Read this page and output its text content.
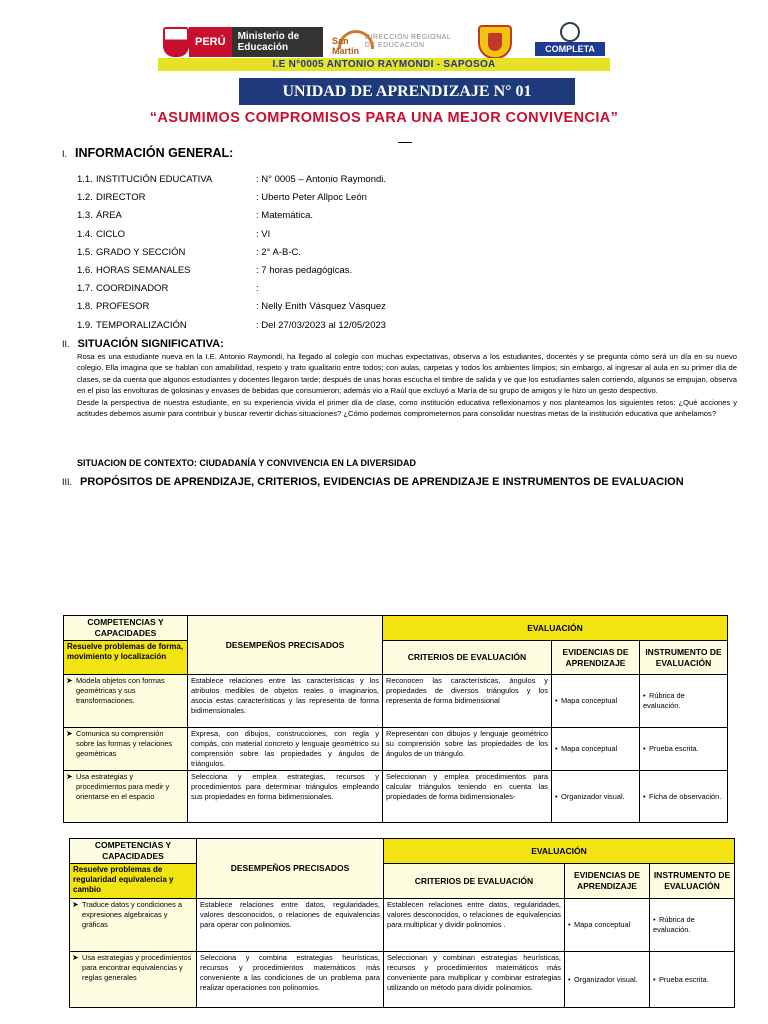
PERÚ	Ministerio de Educación
San Martín
DIRECCIÓN REGIONAL DE EDUCACIÓN	COMPLETA
I.E N°0005 ANTONIO RAYMONDI - SAPOSOA
UNIDAD DE APRENDIZAJE N° 01
“ASUMIMOS COMPROMISOS PARA UNA MEJOR CONVIVENCIA”
I. INFORMACIÓN GENERAL:
1.1. INSTITUCIÓN EDUCATIVA	: N° 0005 – Antonio Raymondi.
1.2. DIRECTOR	: Uberto Peter Allpoc León
1.3. ÁREA	: Matemática.
1.4. CICLO	: VI
1.5. GRADO Y SECCIÓN	: 2° A-B-C.
1.6. HORAS SEMANALES	: 7 horas pedagógicas.
1.7. COORDINADOR	:
1.8. PROFESOR	: Nelly Enith Vásquez Vásquez
1.9. TEMPORALIZACIÓN	: Del 27/03/2023 al 12/05/2023
II. SITUACIÓN SIGNIFICATIVA:

Rosa es una estudiante nueva en la I.E. Antonio Raymondi, ha llegado al colegio con muchas expectativas, observa a los estudiantes, docentes y se pregunta cómo será un día en su nuevo colegio. Ella imagina que se hablan con amabilidad, respeto y trato igualitario entre todos; con aulas, carpetas y todos los ambientes limpios; sin embargo, al ingresar al aula en su primer día de clases, se da cuenta que algunos estudiantes y docentes llegaron tarde; después de unas horas escucha el timbre de salida y ve que los estudiantes salen corriendo, algunos se empujan, observa en el piso las envolturas de golosinas y envases de bebidas que consumieron; además vio a Raúl que excluyó a María de su grupo de amigos y le hizo un gesto despectivo.

Desde la perspectiva de nuestra estudiante, en su experiencia vivida el primer día de clase, como institución educativa reflexionamos y nos planteamos los siguientes retos: ¿Qué acciones y actitudes debemos asumir para contribuir y buscar revertir dichas situaciones? ¿Cómo podemos comprometernos para consolidar nuestras metas de la institución educativa que anhelamos?

SITUACION DE CONTEXTO: CIUDADANÍA Y CONVIVENCIA EN LA DIVERSIDAD
III. PROPÓSITOS DE APRENDIZAJE, CRITERIOS, EVIDENCIAS DE APRENDIZAJE E INSTRUMENTOS DE EVALUACION
COMPETENCIAS Y CAPACIDADES	DESEMPEÑOS PRECISADOS	EVALUACIÓN		
Resuelve problemas de forma, movimiento y localización		CRITERIOS DE EVALUACIÓN	EVIDENCIAS DE APRENDIZAJE	INSTRUMENTO DE EVALUACIÓN

➤ Modela objetos con formas geométricas y sus transformaciones.	Establece relaciones entre las características y los atributos medibles de objetos reales o imaginarios, asocia estas características y las representa de forma bidimensionales.	Reconocen las características, ángulos y propiedades de diversos triángulos y los representa de forma bidimensional	• Mapa conceptual	• Rúbrica de evaluación.

➤ Comunica su comprensión sobre las formas y relaciones geométricas	Expresa, con dibujos, construcciones, con regla y compás, con material concreto y lenguaje geométrico su comprensión sobre las propiedades y ángulos de triángulos.	Representan con dibujos y lenguaje geométrico su comprensión sobre las propiedades de los ángulos de un triángulo.	• Mapa conceptual	• Prueba escrita.

➤ Usa estrategias y procedimientos para medir y orientarse en el espacio	Selecciona y emplea estrategias, recursos y procedimientos para determinar triángulos empleando sus propiedades en forma bidimensionales.	Seleccionan y emplea procedimientos para calcular triángulos teniendo en cuenta las propiedades de forma bidimensionales-	• Organizador visual.	• Ficha de observación.
COMPETENCIAS Y CAPACIDADES	DESEMPEÑOS PRECISADOS	EVALUACIÓN		
Resuelve problemas de regularidad equivalencia y cambio		CRITERIOS DE EVALUACIÓN	EVIDENCIAS DE APRENDIZAJE	INSTRUMENTO DE EVALUACIÓN

➤ Traduce datos y condiciones a expresiones algebraicas y gráficas	Establece relaciones entre datos, regularidades, valores desconocidos, o relaciones de equivalencias para operar con polinomios.	Establecen relaciones entre datos, regularidades, valores desconocidos, o relaciones de equivalencias para multiplicar y dividir polinomios .	• Mapa conceptual	• Rúbrica de evaluación.

➤ Usa estrategias y procedimientos para encontrar equivalencias y reglas generales	Selecciona y combina estrategias heurísticas, recursos y procedimientos matemáticos más conveniente a las condiciones de un problema para realizar operaciones con polinomios.	Seleccionan y combinan estrategias heurísticas, recursos y procedimientos matemáticos más conveniente para multiplicar y combinar estrategias utilizando un método para dividir polinomios.	• Organizador visual.	• Prueba escrita.
